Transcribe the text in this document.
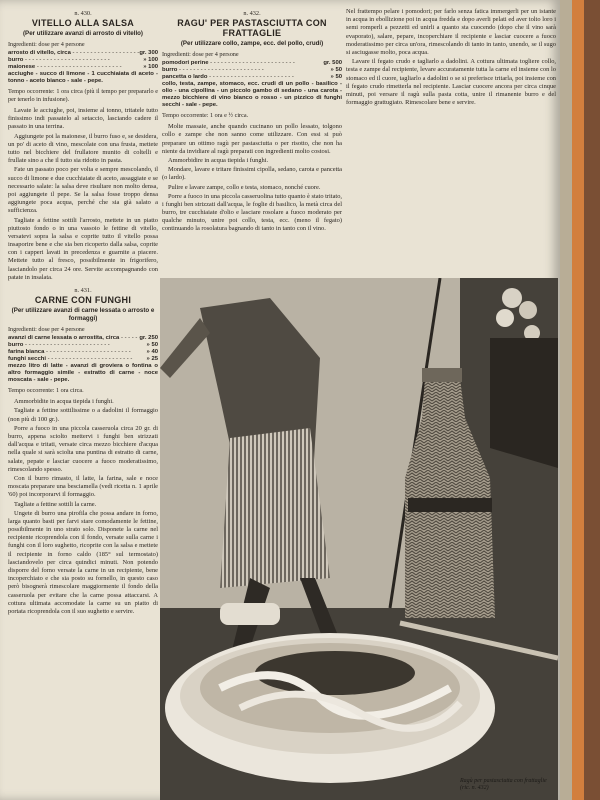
n. 430.
VITELLO ALLA SALSA
(Per utilizzare avanzi di arrosto di vitello)
Ingredienti: dose per 4 persone
arrosto di vitello, circa - - -	gr. 300
burro - - -	» 100
maionese - - -	» 100
acciughe - succo di limone - 1 cucchiaiata di aceto - tonno - aceto bianco - sale - pepe.
Tempo occorrente: 1 ora circa (più il tempo per prepararlo e per tenerlo in infusione).

Lavate le acciughe, poi, insieme al tonno, tritatele tutto finissimo indi passatelo al setaccio, lasciando cadere il passato in una terrina.

Aggiungete poi la maionese, il burro fuso e, se desidera, un po' di aceto di vino, mescolate con una frusta, mettete tutto nel bicchiere del frullatore munito di coltelli e frullate sino a che il tutto sia ridotto in pasta.

Fate un passato poco per volta e sempre mescolando, il succo di limone e due cucchiaiate di aceto, assaggiate e se necessario salate: la salsa deve risultare non molto densa, poi aggiungete il pepe. Se la salsa fosse troppo densa aggiungete poca acqua, perché che sia già salato a sufficienza.

Tagliate a fettine sottili l'arrosto, mettete in un piatto piuttosto fondo o in una vassoio le fettine di vitello, versatevi sopra la salsa e coprite tutto il vitello possa insaporire bene e che sia ben ricoperto dalla salsa, coprite con i capperi lavati in precedenza e guarnite a piacere. Mettete tutto al fresco, possibilmente in frigorifero, lasciandolo per circa 24 ore. Servite accompagnando con patate in insalata.

n. 431.
CARNE CON FUNGHI
(Per utilizzare avanzi di carne lessata o arrosto e formaggi)
Ingredienti: dose per 4 persone
avanzi di carne lessata o arrostita, circa - - -	gr. 250
burro - - -	» 50
farina bianca - - -	» 40
funghi secchi - - -	» 25
mezzo litro di latte - avanzi di groviera o fontina o altro formaggio simile - estratto di carne - noce moscata - sale - pepe.
Tempo occorrente: 1 ora circa.

Ammorbidite in acqua tiepida i funghi.

Tagliate a fettine sottilissime o a dadolini il formaggio (non più di 100 gr.).

Porre a fuoco in una piccola casseruola circa 20 gr. di burro, appena sciolto mettervi i funghi ben strizzati dall'acqua e tritati, versate circa mezzo bicchiere d'acqua nella quale si sarà sciolta una puntina di estratto di carne, salate, pepate e lasciar cuocere a fuoco moderatissimo, rimescolando spesso.

Con il burro rimasto, il latte, la farina, sale e noce moscata preparare una besciamella (vedi ricetta n. 1 aprile '60) poi incorporarvi il formaggio.

Tagliate a fettine sottili la carne.

Ungete di burro una pirofila che possa andare in forno, larga quanto basti per farvi stare comodamente le fettine, possibilmente in uno strato solo. Disponete la carne nel recipiente ricoprendola con il fondo, versate sulla carne i funghi con il loro sughetto, ricoprite con la salsa e mettete il recipiente in forno caldo (185° sul termostato) lasciandovelo per circa quindici minuti. Non potendo disporre del forno versate la carne in un recipiente, bene incoperchiato e che sia posto su fornello, in questo caso però bisognerà rimescolare maggiormente il fondo della casseruola per evitare che la carne possa attaccarsi. A cottura ultimata accomodate la carne su un piatto di portata ricoprendola con il suo sughetto e servire.

n. 432.
RAGU' PER PASTASCIUTTA CON FRATTAGLIE
(Per utilizzare collo, zampe, ecc. del pollo, crudi)
Ingredienti: dose per 4 persone
pomodori perine - - -	gr. 500
burro - - -	» 50
pancetta o lardo - - -	» 50
collo, testa, zampe, stomaco, ecc. crudi di un pollo - basilico - olio - una cipollina - un piccolo gambo di sedano - una carota - mezzo bicchiere di vino bianco o rosso - un pizzico di funghi secchi - sale - pepe.
Tempo occorrente: 1 ora e ½ circa.

Molte massaie, anche quando cucinano un pollo lessato, tolgono collo e zampe che non sanno come utilizzare. Con essi si può preparare un ottimo ragù per pastasciutta o per risotto, che non ha niente da invidiare al ragù preparati con ingredienti molto costosi.

Ammorbidire in acqua tiepida i funghi.

Mondare, lavare e tritare finissimi cipolla, sedano, carota e pancetta (o lardo).

Pulire e lavare zampe, collo e testa, stomaco, nonché cuore.

Porre a fuoco in una piccola casseruolina tutto quanto è stato tritato, i funghi ben strizzati dall'acqua, le foglie di basilico, la metà circa del burro, tre cucchiaiate d'olio e lasciare rosolare a fuoco moderato per qualche minuto, unire poi collo, testa, ecc. (meno il fegato) continuando la rosolatura bagnando di tanto in tanto con il vino.

Nel frattempo pelare i pomodori; per farlo senza fatica immergerli per un istante in acqua in ebollizione poi in acqua fredda e dopo averli pelati ed aver tolto loro i semi romperli a pezzetti ed unirli a quanto sta cuocendo (dopo che il vino sarà evaporato), salare, pepare, incoperchiare il recipiente e lasciar cuocere a fuoco moderatissimo per circa un'ora, rimescolando di tanto in tanto, unendo, se il sugo si asciugasse molto, poca acqua.

Lavare il fegato crudo e tagliarlo a dadolini. A cottura ultimata togliere collo, testa e zampe dal recipiente, levare accuratamente tutta la carne ed insieme con lo stomaco ed il cuore, tagliarlo a dadolini o se si preferisce tritarla, poi insieme con il fegato crudo rimetterla nel recipiente. Lasciar cuocere ancora per circa cinque minuti, poi versare il ragù sulla pasta cotta, unire il rimanente burro e del formaggio grattugiato. Rimescolare bene e servire.

Ragù per pastasciutta con frattaglie (ric. n. 432)
